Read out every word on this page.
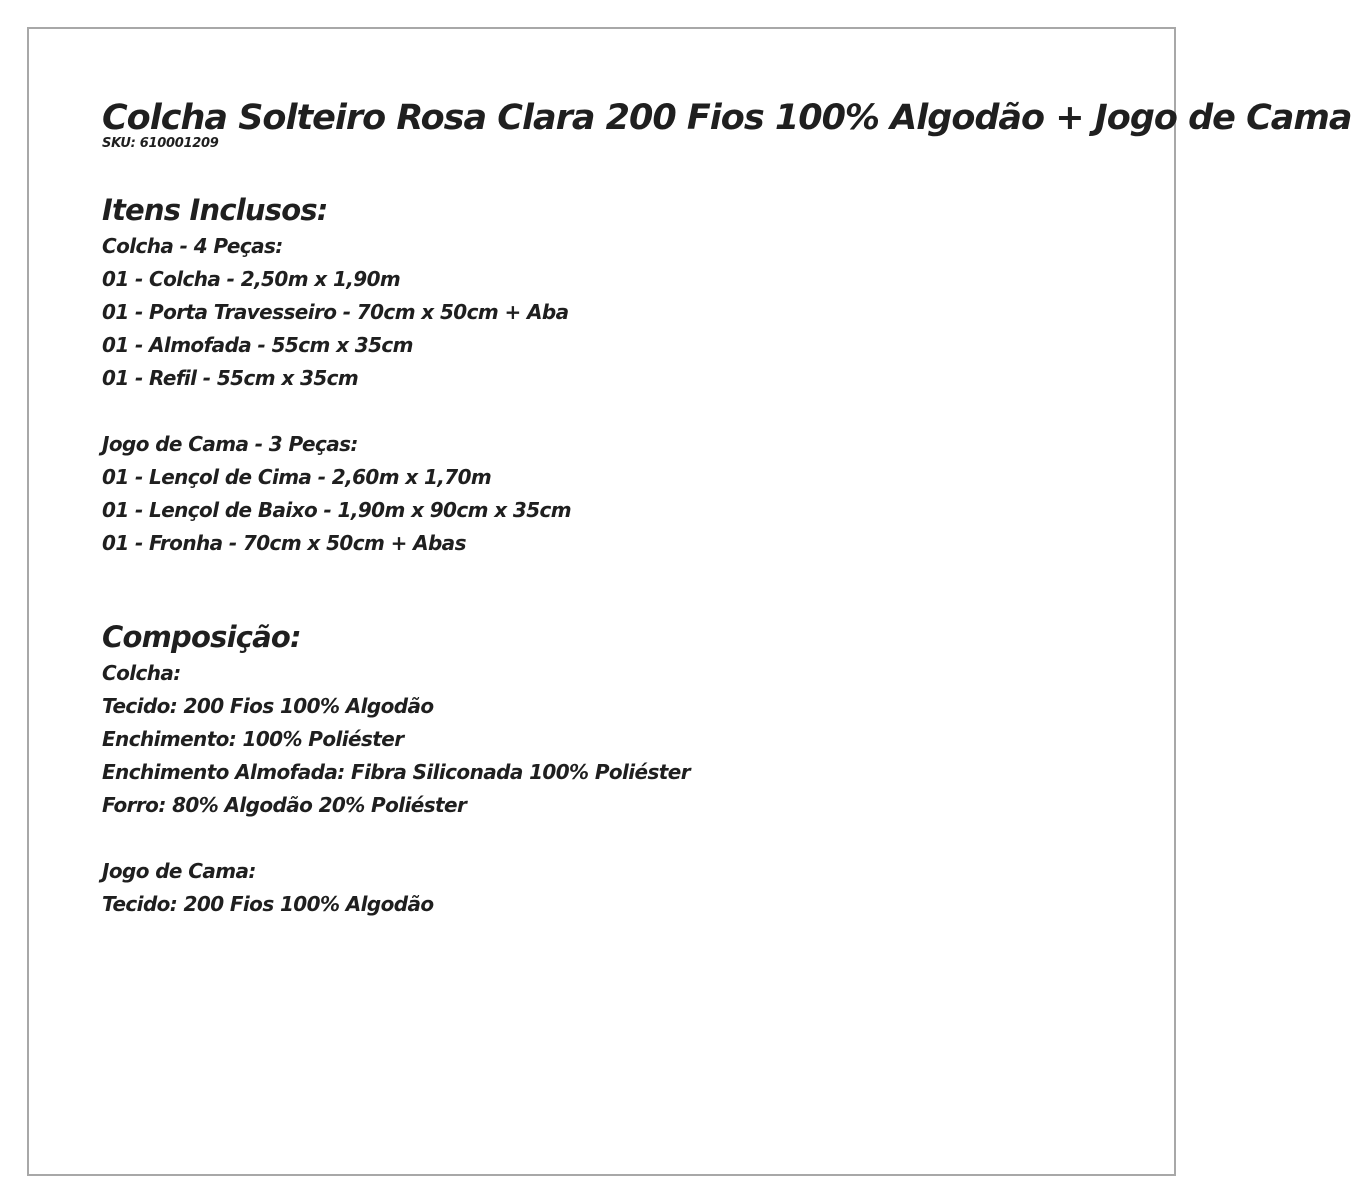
Colcha Solteiro Rosa Clara 200 Fios 100% Algodão + Jogo de Cama
SKU: 610001209
Itens Inclusos:
Colcha - 4 Peças:
01 - Colcha - 2,50m x 1,90m
01 - Porta Travesseiro - 70cm x 50cm + Aba
01 - Almofada - 55cm x 35cm
01 - Refil - 55cm x 35cm
Jogo de Cama - 3 Peças:
01 - Lençol de Cima - 2,60m x 1,70m
01 - Lençol de Baixo - 1,90m x 90cm x 35cm
01 - Fronha - 70cm x 50cm + Abas
Composição:
Colcha:
Tecido: 200 Fios 100% Algodão
Enchimento: 100% Poliéster
Enchimento Almofada: Fibra Siliconada 100% Poliéster
Forro: 80% Algodão 20% Poliéster
Jogo de Cama:
Tecido: 200 Fios 100% Algodão
